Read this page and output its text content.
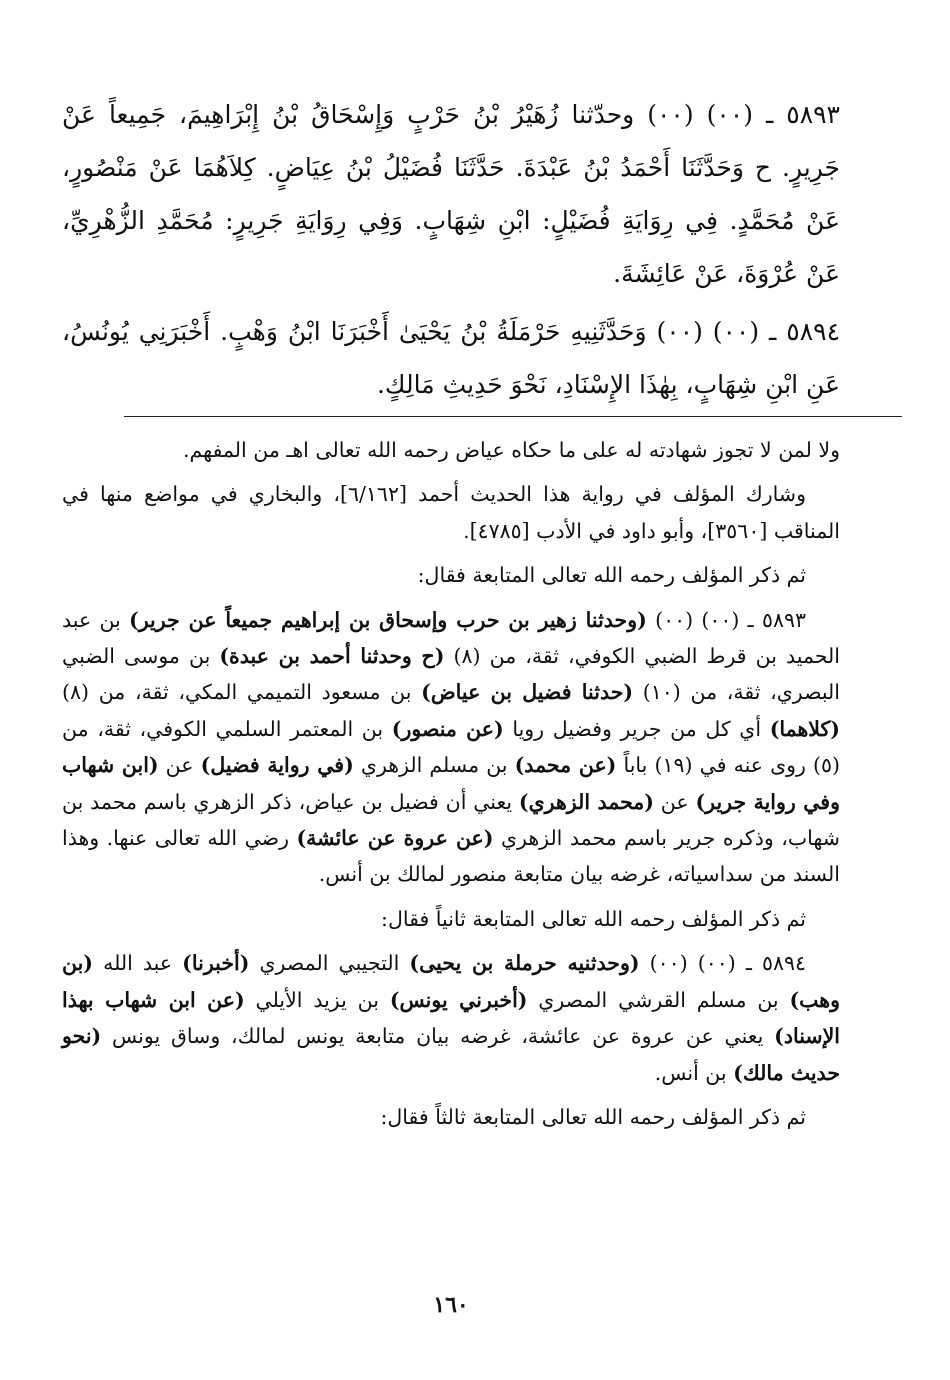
٥٨٩٣ ـ (٠٠) (٠٠) وحدّثنا زُهَيْرُ بْنُ حَرْبٍ وَإِسْحَاقُ بْنُ إِبْرَاهِيمَ، جَمِيعاً عَنْ جَرِيرٍ. ح وَحَدَّثَنَا أَحْمَدُ بْنُ عَبْدَةَ. حَدَّثَنَا فُضَيْلُ بْنُ عِيَاضٍ. كِلاَهُمَا عَنْ مَنْصُورٍ، عَنْ مُحَمَّدٍ. فِي رِوَايَةِ فُضَيْلٍ: ابْنِ شِهَابٍ. وَفِي رِوَايَةِ جَرِيرٍ: مُحَمَّدِ الزُّهْرِيِّ، عَنْ عُرْوَةَ، عَنْ عَائِشَةَ.

٥٨٩٤ ـ (٠٠) (٠٠) وَحَدَّثَنِيهِ حَرْمَلَةُ بْنُ يَحْيَىٰ أَخْبَرَنَا ابْنُ وَهْبٍ. أَخْبَرَنِي يُونُسُ، عَنِ ابْنِ شِهَابٍ، بِهٰذَا الإِسْنَادِ، نَحْوَ حَدِيثِ مَالِكٍ.

ولا لمن لا تجوز شهادته له على ما حكاه عياض رحمه الله تعالى اهـ من المفهم.

وشارك المؤلف في رواية هذا الحديث أحمد [٦/١٦٢]، والبخاري في مواضع منها في المناقب [٣٥٦٠]، وأبو داود في الأدب [٤٧٨٥].

ثم ذكر المؤلف رحمه الله تعالى المتابعة فقال:

٥٨٩٣ ـ (٠٠) (٠٠) (وحدثنا زهير بن حرب وإسحاق بن إبراهيم جميعاً عن جرير) بن عبد الحميد بن قرط الضبي الكوفي، ثقة، من (٨) (ح وحدثنا أحمد بن عبدة) بن موسى الضبي البصري، ثقة، من (١٠) (حدثنا فضيل بن عياض) بن مسعود التميمي المكي، ثقة، من (٨) (كلاهما) أي كل من جرير وفضيل رويا (عن منصور) بن المعتمر السلمي الكوفي، ثقة، من (٥) روى عنه في (١٩) باباً (عن محمد) بن مسلم الزهري (في رواية فضيل) عن (ابن شهاب وفي رواية جرير) عن (محمد الزهري) يعني أن فضيل بن عياض، ذكر الزهري باسم محمد بن شهاب، وذكره جرير باسم محمد الزهري (عن عروة عن عائشة) رضي الله تعالى عنها. وهذا السند من سداسياته، غرضه بيان متابعة منصور لمالك بن أنس.

ثم ذكر المؤلف رحمه الله تعالى المتابعة ثانياً فقال:

٥٨٩٤ ـ (٠٠) (٠٠) (وحدثنيه حرملة بن يحيى) التجيبي المصري (أخبرنا) عبد الله (بن وهب) بن مسلم القرشي المصري (أخبرني يونس) بن يزيد الأيلي (عن ابن شهاب بهذا الإسناد) يعني عن عروة عن عائشة، غرضه بيان متابعة يونس لمالك، وساق يونس (نحو حديث مالك) بن أنس.

ثم ذكر المؤلف رحمه الله تعالى المتابعة ثالثاً فقال:

١٦٠
